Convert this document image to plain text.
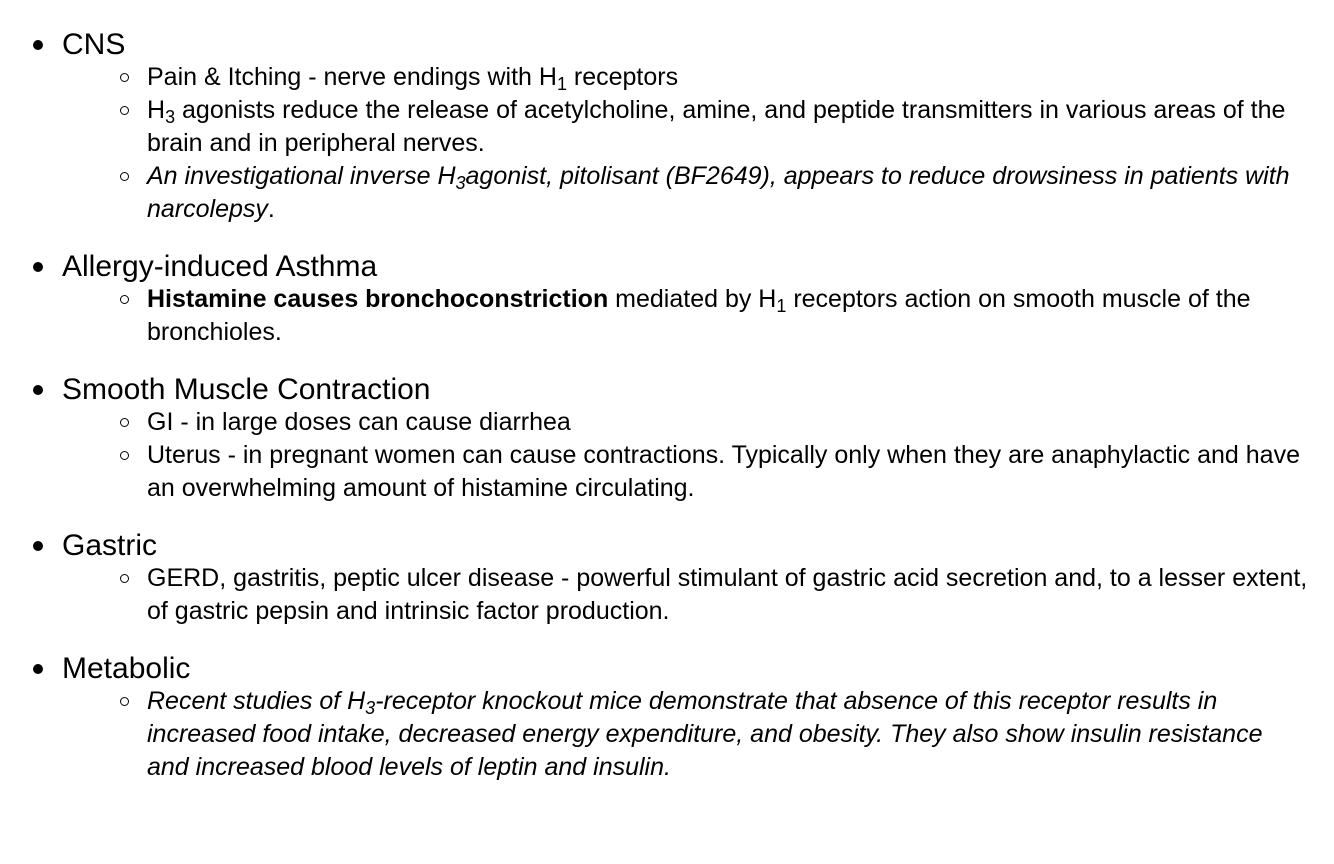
CNS
Pain & Itching - nerve endings with $H_1$ receptors
$H_3$ agonists reduce the release of acetylcholine, amine, and peptide transmitters in various areas of the brain and in peripheral nerves.
An investigational inverse $H_3agonist$, pitolisant (BF2649), appears to reduce drowsiness in patients with narcolepsy.
Allergy-induced Asthma
Histamine causes bronchoconstriction mediated by $H_1$ receptors action on smooth muscle of the bronchioles.
Smooth Muscle Contraction
GI - in large doses can cause diarrhea
Uterus - in pregnant women can cause contractions. Typically only when they are anaphylactic and have an overwhelming amount of histamine circulating.
Gastric
GERD, gastritis, peptic ulcer disease - powerful stimulant of gastric acid secretion and, to a lesser extent, of gastric pepsin and intrinsic factor production.
Metabolic
Recent studies of $H_3$-receptor knockout mice demonstrate that absence of this receptor results in increased food intake, decreased energy expenditure, and obesity. They also show insulin resistance and increased blood levels of leptin and insulin.
